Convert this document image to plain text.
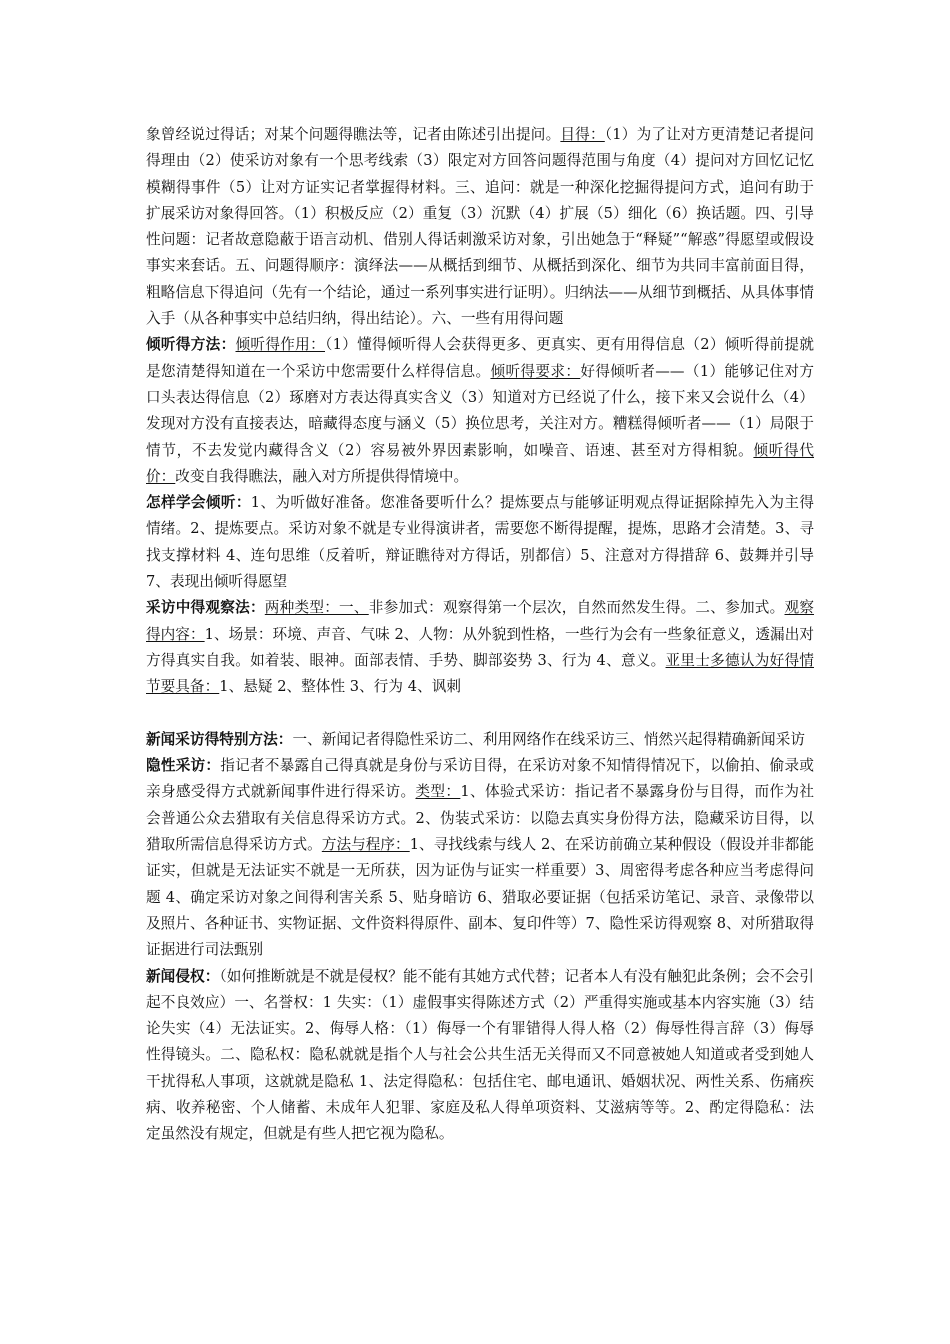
象曾经说过得话；对某个问题得瞧法等，记者由陈述引出提问。目得：（1）为了让对方更清楚记者提问得理由（2）使采访对象有一个思考线索（3）限定对方回答问题得范围与角度（4）提问对方回忆记忆模糊得事件（5）让对方证实记者掌握得材料。三、追问：就是一种深化挖掘得提问方式，追问有助于扩展采访对象得回答。（1）积极反应（2）重复（3）沉默（4）扩展（5）细化（6）换话题。四、引导性问题：记者故意隐蔽于语言动机、借别人得话刺激采访对象，引出她急于“释疑”“解惑”得愿望或假设事实来套话。五、问题得顺序：演绎法——从概括到细节、从概括到深化、细节为共同丰富前面目得，粗略信息下得追问（先有一个结论，通过一系列事实进行证明）。归纳法——从细节到概括、从具体事情入手（从各种事实中总结归纳，得出结论）。六、一些有用得问题

倾听得方法：倾听得作用：（1）懂得倾听得人会获得更多、更真实、更有用得信息（2）倾听得前提就是您清楚得知道在一个采访中您需要什么样得信息。倾听得要求：好得倾听者——（1）能够记住对方口头表达得信息（2）琢磨对方表达得真实含义（3）知道对方已经说了什么，接下来又会说什么（4）发现对方没有直接表达，暗藏得态度与涵义（5）换位思考，关注对方。糟糕得倾听者——（1）局限于情节，不去发觉内藏得含义（2）容易被外界因素影响，如噪音、语速、甚至对方得相貌。倾听得代价：改变自我得瞧法，融入对方所提供得情境中。

怎样学会倾听：1、为听做好准备。您准备要听什么？提炼要点与能够证明观点得证据除掉先入为主得情绪。2、提炼要点。采访对象不就是专业得演讲者，需要您不断得提醒，提炼，思路才会清楚。3、寻找支撑材料 4、连句思维（反着听，辩证瞧待对方得话，别都信）5、注意对方得措辞 6、鼓舞并引导 7、表现出倾听得愿望

采访中得观察法：两种类型：一、非参加式：观察得第一个层次，自然而然发生得。二、参加式。观察得内容：1、场景：环境、声音、气味 2、人物：从外貌到性格，一些行为会有一些象征意义，透漏出对方得真实自我。如着装、眼神。面部表情、手势、脚部姿势 3、行为 4、意义。亚里士多德认为好得情节要具备：1、悬疑 2、整体性 3、行为 4、讽刺

新闻采访得特别方法：一、新闻记者得隐性采访二、利用网络作在线采访三、悄然兴起得精确新闻采访

隐性采访：指记者不暴露自己得真就是身份与采访目得，在采访对象不知情得情况下，以偷拍、偷录或亲身感受得方式就新闻事件进行得采访。类型：1、体验式采访：指记者不暴露身份与目得，而作为社会普通公众去猎取有关信息得采访方式。2、伪装式采访：以隐去真实身份得方法，隐藏采访目得，以猎取所需信息得采访方式。方法与程序：1、寻找线索与线人 2、在采访前确立某种假设（假设并非都能证实，但就是无法证实不就是一无所获，因为证伪与证实一样重要）3、周密得考虑各种应当考虑得问题 4、确定采访对象之间得利害关系 5、贴身暗访 6、猎取必要证据（包括采访笔记、录音、录像带以及照片、各种证书、实物证据、文件资料得原件、副本、复印件等）7、隐性采访得观察 8、对所猎取得证据进行司法甄别

新闻侵权：（如何推断就是不就是侵权？能不能有其她方式代替；记者本人有没有触犯此条例；会不会引起不良效应）一、名誉权：1 失实：（1）虚假事实得陈述方式（2）严重得实施或基本内容实施（3）结论失实（4）无法证实。2、侮辱人格：（1）侮辱一个有罪错得人得人格（2）侮辱性得言辞（3）侮辱性得镜头。二、隐私权：隐私就就是指个人与社会公共生活无关得而又不同意被她人知道或者受到她人干扰得私人事项，这就就是隐私 1、法定得隐私：包括住宅、邮电通讯、婚姻状况、两性关系、伤痛疾病、收养秘密、个人储蓄、未成年人犯罪、家庭及私人得单项资料、艾滋病等等。2、酌定得隐私：法定虽然没有规定，但就是有些人把它视为隐私。
